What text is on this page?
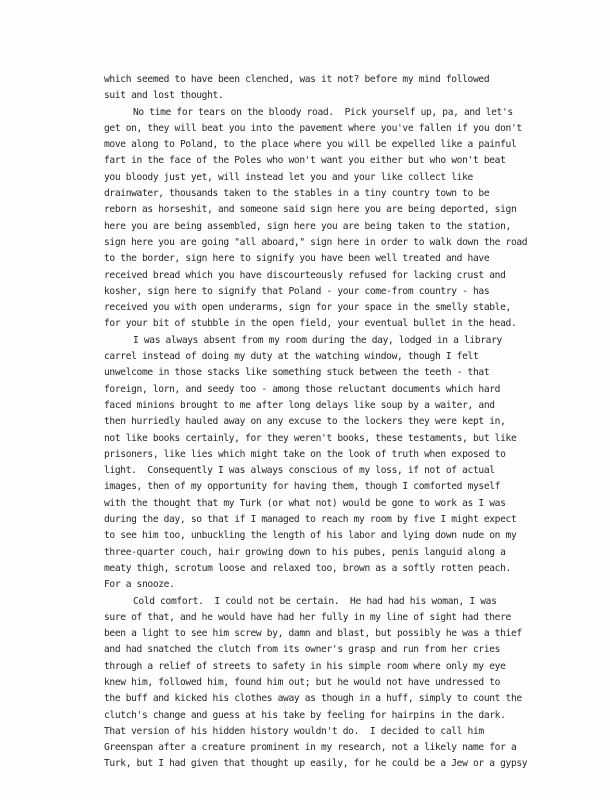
which seemed to have been clenched, was it not? before my mind followed
suit and lost thought.
No time for tears on the bloody road.  Pick yourself up, pa, and let's
get on, they will beat you into the pavement where you've fallen if you don't
move along to Poland, to the place where you will be expelled like a painful
fart in the face of the Poles who won't want you either but who won't beat
you bloody just yet, will instead let you and your like collect like
drainwater, thousands taken to the stables in a tiny country town to be
reborn as horseshit, and someone said sign here you are being deported, sign
here you are being assembled, sign here you are being taken to the station,
sign here you are going "all aboard," sign here in order to walk down the road
to the border, sign here to signify you have been well treated and have
received bread which you have discourteously refused for lacking crust and
kosher, sign here to signify that Poland - your come-from country - has
received you with open underarms, sign for your space in the smelly stable,
for your bit of stubble in the open field, your eventual bullet in the head.
I was always absent from my room during the day, lodged in a library
carrel instead of doing my duty at the watching window, though I felt
unwelcome in those stacks like something stuck between the teeth - that
foreign, lorn, and seedy too - among those reluctant documents which hard
faced minions brought to me after long delays like soup by a waiter, and
then hurriedly hauled away on any excuse to the lockers they were kept in,
not like books certainly, for they weren't books, these testaments, but like
prisoners, like lies which might take on the look of truth when exposed to
light.  Consequently I was always conscious of my loss, if not of actual
images, then of my opportunity for having them, though I comforted myself
with the thought that my Turk (or what not) would be gone to work as I was
during the day, so that if I managed to reach my room by five I might expect
to see him too, unbuckling the length of his labor and lying down nude on my
three-quarter couch, hair growing down to his pubes, penis languid along a
meaty thigh, scrotum loose and relaxed too, brown as a softly rotten peach.
For a snooze.
Cold comfort.  I could not be certain.  He had had his woman, I was
sure of that, and he would have had her fully in my line of sight had there
been a light to see him screw by, damn and blast, but possibly he was a thief
and had snatched the clutch from its owner's grasp and run from her cries
through a relief of streets to safety in his simple room where only my eye
knew him, followed him, found him out; but he would not have undressed to
the buff and kicked his clothes away as though in a huff, simply to count the
clutch's change and guess at his take by feeling for hairpins in the dark.
That version of his hidden history wouldn't do.  I decided to call him
Greenspan after a creature prominent in my research, not a likely name for a
Turk, but I had given that thought up easily, for he could be a Jew or a gypsy
